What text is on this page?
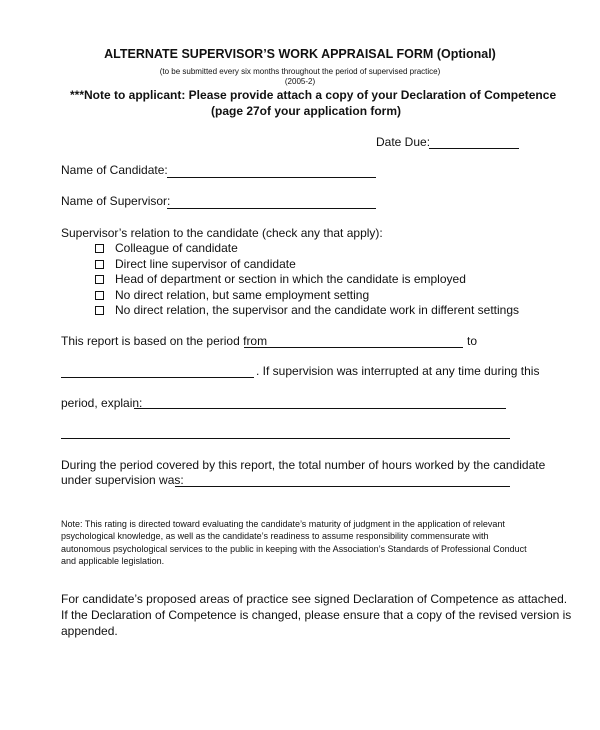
ALTERNATE SUPERVISOR’S WORK APPRAISAL FORM (Optional)
(to be submitted every six months throughout the period of supervised practice)
(2005-2)
***Note to applicant: Please provide attach a copy of your Declaration of Competence
(page 27of your application form)
Date Due:
Name of Candidate:
Name of Supervisor:
Supervisor’s relation to the candidate (check any that apply):
Colleague of candidate
Direct line supervisor of candidate
Head of department or section in which the candidate is employed
No direct relation, but same employment setting
No direct relation, the supervisor and the candidate work in different settings
This report is based on the period from	to
. If supervision was interrupted at any time during this
period, explain:
During the period covered by this report, the total number of hours worked by the candidate
under supervision was:
Note: This rating is directed toward evaluating the candidate’s maturity of judgment in the application of relevant
psychological knowledge, as well as the candidate’s readiness to assume responsibility commensurate with
autonomous psychological services to the public in keeping with the Association’s Standards of Professional Conduct
and applicable legislation.
For candidate’s proposed areas of practice see signed Declaration of Competence as attached.
If the Declaration of Competence is changed, please ensure that a copy of the revised version is
appended.
